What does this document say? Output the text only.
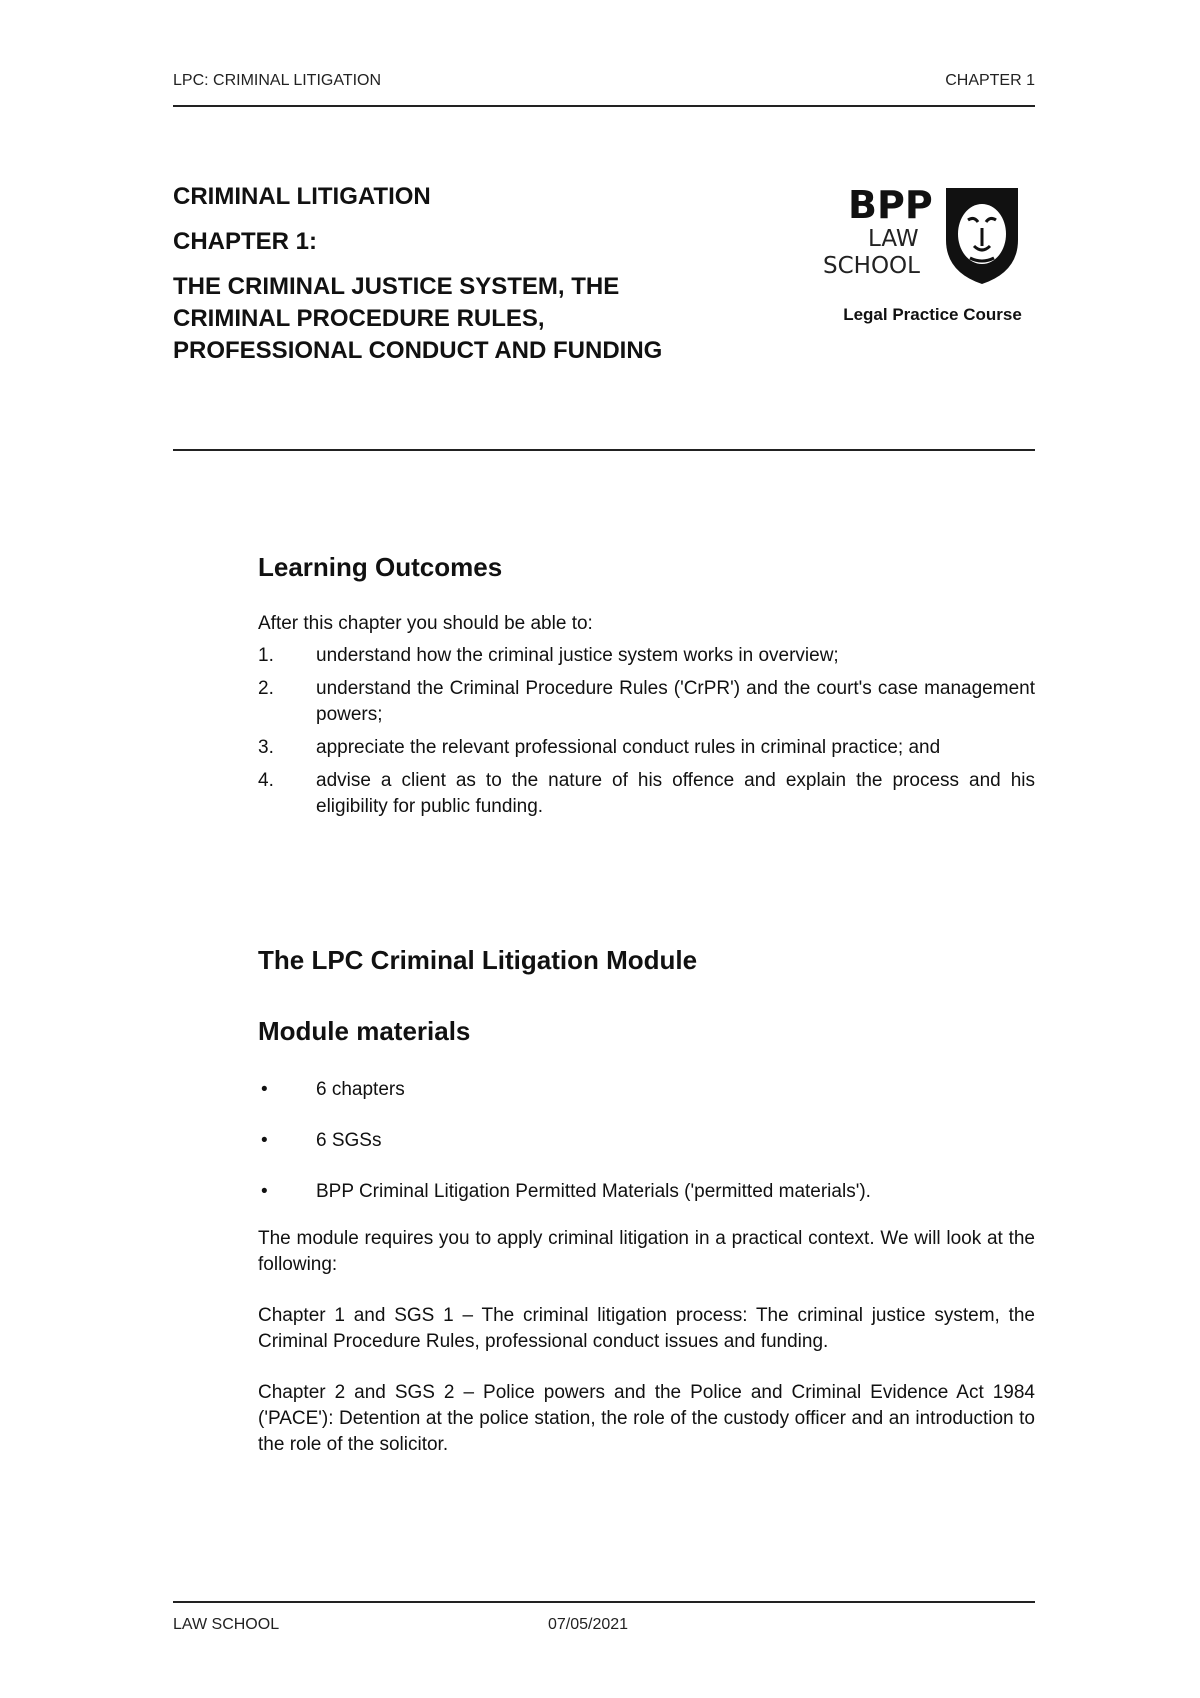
LPC: CRIMINAL LITIGATION	CHAPTER 1

CRIMINAL LITIGATION

CHAPTER 1:

THE CRIMINAL JUSTICE SYSTEM, THE CRIMINAL PROCEDURE RULES, PROFESSIONAL CONDUCT AND FUNDING

BPP
LAW
SCHOOL
Legal Practice Course
Learning Outcomes

After this chapter you should be able to:

1. understand how the criminal justice system works in overview;
2. understand the Criminal Procedure Rules ('CrPR') and the court's case management powers;
3. appreciate the relevant professional conduct rules in criminal practice; and
4. advise a client as to the nature of his offence and explain the process and his eligibility for public funding.
The LPC Criminal Litigation Module
Module materials
•	6 chapters
•	6 SGSs
•	BPP Criminal Litigation Permitted Materials ('permitted materials').

The module requires you to apply criminal litigation in a practical context. We will look at the following:

Chapter 1 and SGS 1 – The criminal litigation process: The criminal justice system, the Criminal Procedure Rules, professional conduct issues and funding.

Chapter 2 and SGS 2 – Police powers and the Police and Criminal Evidence Act 1984 ('PACE'): Detention at the police station, the role of the custody officer and an introduction to the role of the solicitor.

LAW SCHOOL	07/05/2021
